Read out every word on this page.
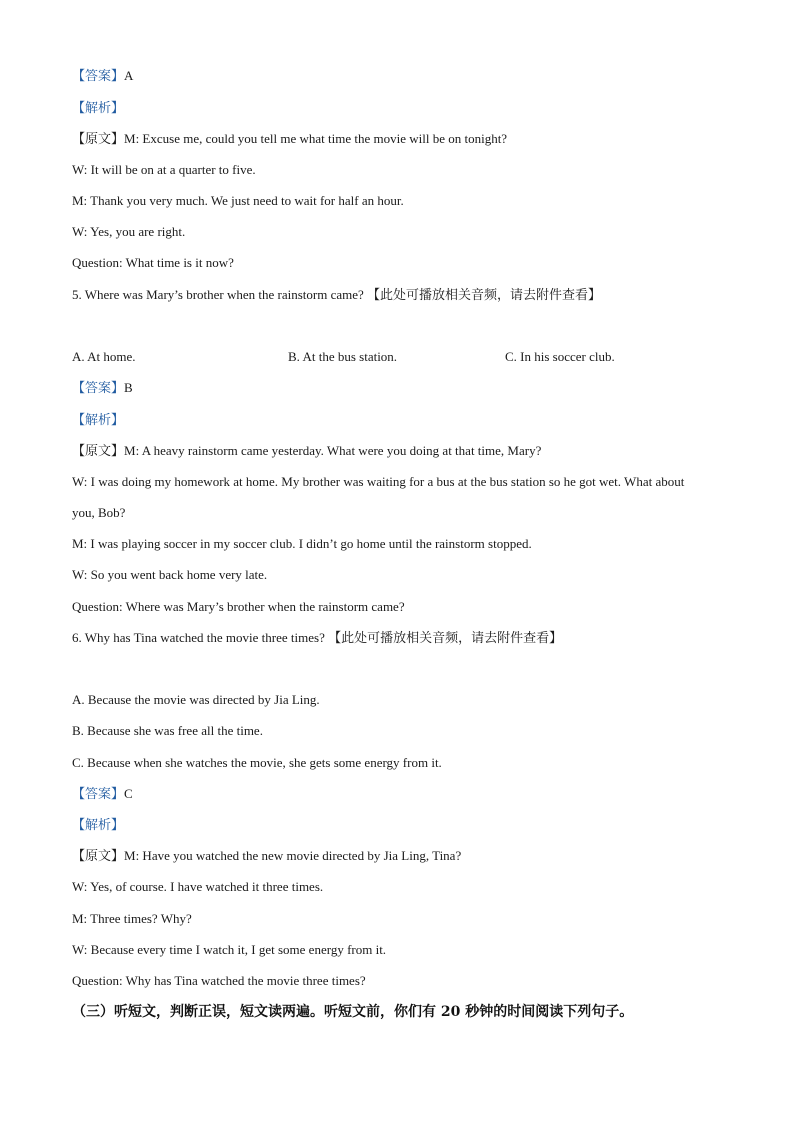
【答案】A
【解析】
【原文】M: Excuse me, could you tell me what time the movie will be on tonight?
W: It will be on at a quarter to five.
M: Thank you very much. We just need to wait for half an hour.
W: Yes, you are right.
Question: What time is it now?
5. Where was Mary’s brother when the rainstorm came? 【此处可播放相关音频，请去附件查看】
A. At home.	B. At the bus station.	C. In his soccer club.
【答案】B
【解析】
【原文】M: A heavy rainstorm came yesterday. What were you doing at that time, Mary?
W: I was doing my homework at home. My brother was waiting for a bus at the bus station so he got wet. What about
you, Bob?
M: I was playing soccer in my soccer club. I didn’t go home until the rainstorm stopped.
W: So you went back home very late.
Question: Where was Mary’s brother when the rainstorm came?
6. Why has Tina watched the movie three times? 【此处可播放相关音频，请去附件查看】
A. Because the movie was directed by Jia Ling.
B. Because she was free all the time.
C. Because when she watches the movie, she gets some energy from it.
【答案】C
【解析】
【原文】M: Have you watched the new movie directed by Jia Ling, Tina?
W: Yes, of course. I have watched it three times.
M: Three times? Why?
W: Because every time I watch it, I get some energy from it.
Question: Why has Tina watched the movie three times?
（三）听短文，判断正误，短文读两遍。听短文前，你们有 20 秒钟的时间阅读下列句子。
